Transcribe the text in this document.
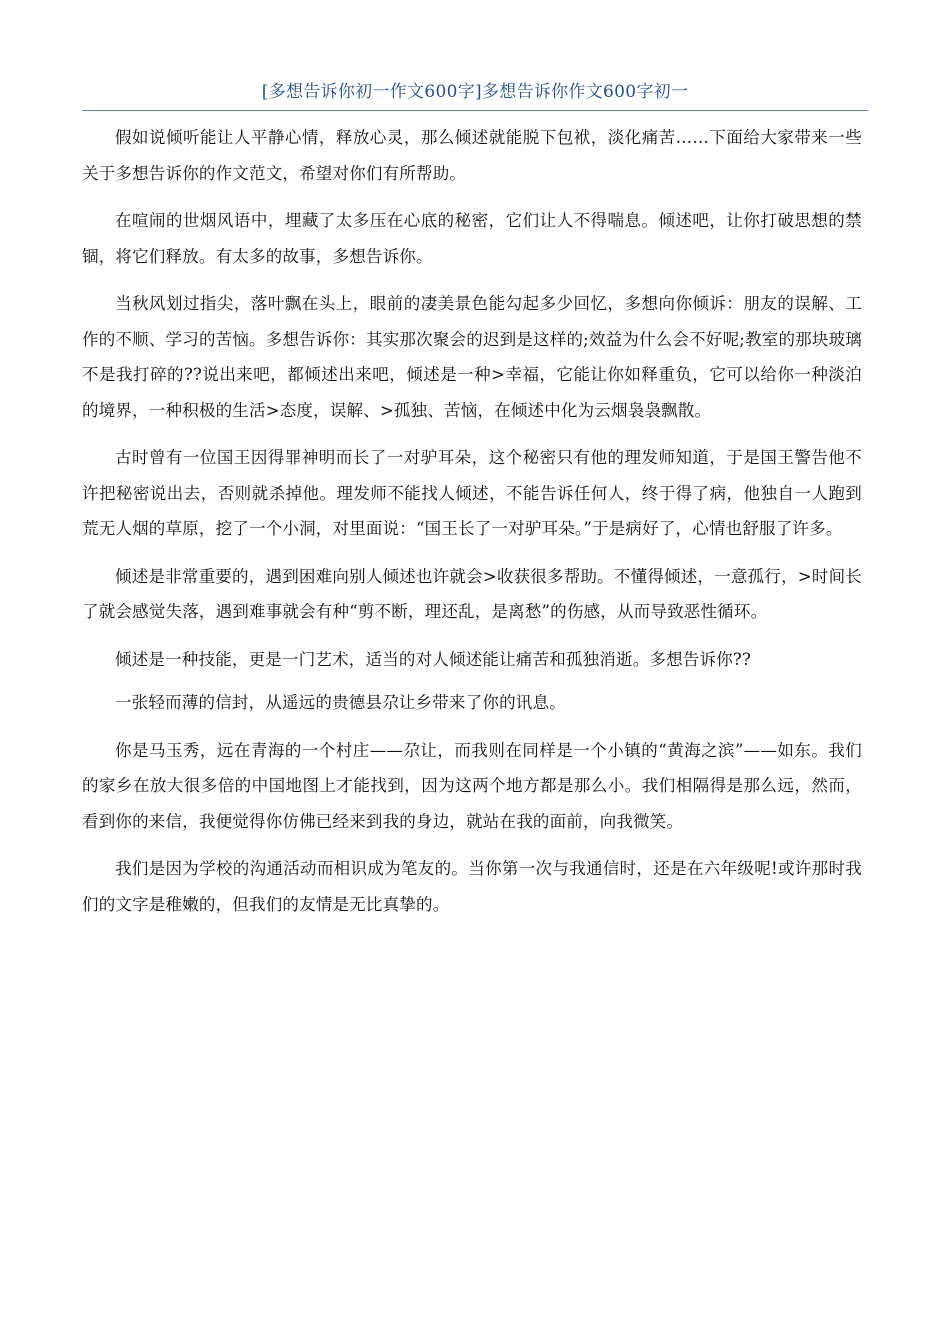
[多想告诉你初一作文600字]多想告诉你作文600字初一

假如说倾听能让人平静心情，释放心灵，那么倾述就能脱下包袱，淡化痛苦……下面给大家带来一些关于多想告诉你的作文范文，希望对你们有所帮助。

在喧闹的世烟风语中，埋藏了太多压在心底的秘密，它们让人不得喘息。倾述吧，让你打破思想的禁锢，将它们释放。有太多的故事，多想告诉你。

当秋风划过指尖，落叶飘在头上，眼前的凄美景色能勾起多少回忆，多想向你倾诉：朋友的误解、工作的不顺、学习的苦恼。多想告诉你：其实那次聚会的迟到是这样的;效益为什么会不好呢;教室的那块玻璃不是我打碎的??说出来吧，都倾述出来吧，倾述是一种>幸福，它能让你如释重负，它可以给你一种淡泊的境界，一种积极的生活>态度，误解、>孤独、苦恼，在倾述中化为云烟袅袅飘散。

古时曾有一位国王因得罪神明而长了一对驴耳朵，这个秘密只有他的理发师知道，于是国王警告他不许把秘密说出去，否则就杀掉他。理发师不能找人倾述，不能告诉任何人，终于得了病，他独自一人跑到荒无人烟的草原，挖了一个小洞，对里面说：“国王长了一对驴耳朵。”于是病好了，心情也舒服了许多。

倾述是非常重要的，遇到困难向别人倾述也许就会>收获很多帮助。不懂得倾述，一意孤行，>时间长了就会感觉失落，遇到难事就会有种“剪不断，理还乱，是离愁”的伤感，从而导致恶性循环。

倾述是一种技能，更是一门艺术，适当的对人倾述能让痛苦和孤独消逝。多想告诉你??

一张轻而薄的信封，从遥远的贵德县尕让乡带来了你的讯息。

你是马玉秀，远在青海的一个村庄——尕让，而我则在同样是一个小镇的“黄海之滨”——如东。我们的家乡在放大很多倍的中国地图上才能找到，因为这两个地方都是那么小。我们相隔得是那么远，然而，看到你的来信，我便觉得你仿佛已经来到我的身边，就站在我的面前，向我微笑。

我们是因为学校的沟通活动而相识成为笔友的。当你第一次与我通信时，还是在六年级呢!或许那时我们的文字是稚嫩的，但我们的友情是无比真挚的。
